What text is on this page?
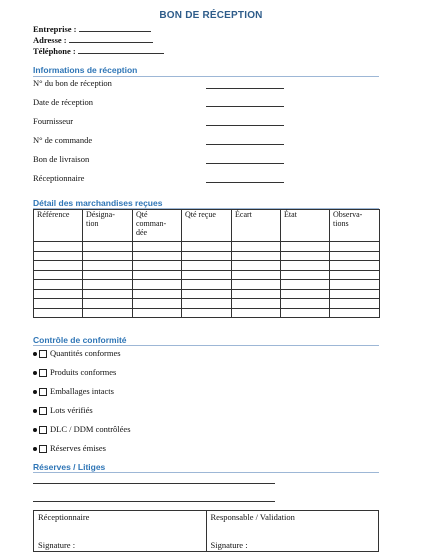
BON DE RÉCEPTION
Entreprise :
Adresse :
Téléphone :
Informations de réception
N° du bon de réception
Date de réception
Fournisseur
N° de commande
Bon de livraison
Réceptionnaire
Détail des marchandises reçues
Référence	Désigna- tion	Qté comman- dée	Qté reçue	Écart	État	Observa- tions

Contrôle de conformité
Quantités conformes
Produits conformes
Emballages intacts
Lots vérifiés
DLC / DDM contrôlées
Réserves émises
Réserves / Litiges
Réceptionnaire
Signature :

Responsable / Validation
Signature :
